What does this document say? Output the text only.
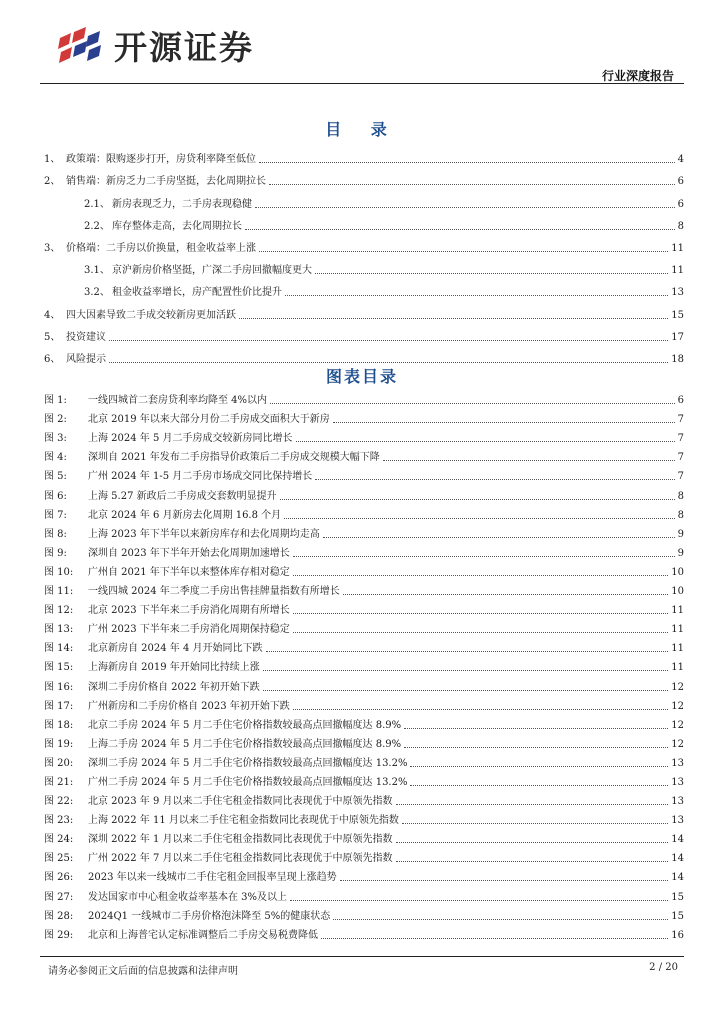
开源证券
行业深度报告
目 录
1、 政策端：限购逐步打开，房贷利率降至低位	4
2、 销售端：新房乏力二手房坚挺，去化周期拉长	6
2.1、 新房表现乏力，二手房表现稳健	6
2.2、 库存整体走高，去化周期拉长	8
3、 价格端：二手房以价换量，租金收益率上涨	11
3.1、 京沪新房价格坚挺，广深二手房回撤幅度更大	11
3.2、 租金收益率增长，房产配置性价比提升	13
4、 四大因素导致二手成交较新房更加活跃	15
5、 投资建议	17
6、 风险提示	18
图表目录
图 1:	一线四城首二套房贷利率均降至 4%以内	6
图 2:	北京 2019 年以来大部分月份二手房成交面积大于新房	7
图 3:	上海 2024 年 5 月二手房成交较新房同比增长	7
图 4:	深圳自 2021 年发布二手房指导价政策后二手房成交规模大幅下降	7
图 5:	广州 2024 年 1-5 月二手房市场成交同比保持增长	7
图 6:	上海 5.27 新政后二手房成交套数明显提升	8
图 7:	北京 2024 年 6 月新房去化周期 16.8 个月	8
图 8:	上海 2023 年下半年以来新房库存和去化周期均走高	9
图 9:	深圳自 2023 年下半年开始去化周期加速增长	9
图 10:	广州自 2021 年下半年以来整体库存相对稳定	10
图 11:	一线四城 2024 年二季度二手房出售挂牌量指数有所增长	10
图 12:	北京 2023 下半年来二手房消化周期有所增长	11
图 13:	广州 2023 下半年来二手房消化周期保持稳定	11
图 14:	北京新房自 2024 年 4 月开始同比下跌	11
图 15:	上海新房自 2019 年开始同比持续上涨	11
图 16:	深圳二手房价格自 2022 年初开始下跌	12
图 17:	广州新房和二手房价格自 2023 年初开始下跌	12
图 18:	北京二手房 2024 年 5 月二手住宅价格指数较最高点回撤幅度达 8.9%	12
图 19:	上海二手房 2024 年 5 月二手住宅价格指数较最高点回撤幅度达 8.9%	12
图 20:	深圳二手房 2024 年 5 月二手住宅价格指数较最高点回撤幅度达 13.2%	13
图 21:	广州二手房 2024 年 5 月二手住宅价格指数较最高点回撤幅度达 13.2%	13
图 22:	北京 2023 年 9 月以来二手住宅租金指数同比表现优于中原领先指数	13
图 23:	上海 2022 年 11 月以来二手住宅租金指数同比表现优于中原领先指数	13
图 24:	深圳 2022 年 1 月以来二手住宅租金指数同比表现优于中原领先指数	14
图 25:	广州 2022 年 7 月以来二手住宅租金指数同比表现优于中原领先指数	14
图 26:	2023 年以来一线城市二手住宅租金回报率呈现上涨趋势	14
图 27:	发达国家市中心租金收益率基本在 3%及以上	15
图 28:	2024Q1 一线城市二手房价格泡沫降至 5%的健康状态	15
图 29:	北京和上海普宅认定标准调整后二手房交易税费降低	16
请务必参阅正文后面的信息披露和法律声明	2 / 20
